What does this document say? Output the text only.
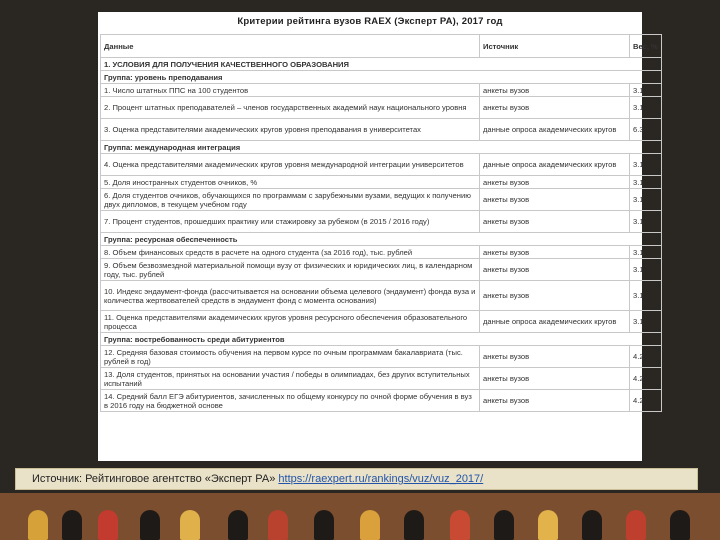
Критерии рейтинга вузов RAEX (Эксперт РА), 2017 год
Данные	Источник	Вес, %
1. УСЛОВИЯ ДЛЯ ПОЛУЧЕНИЯ КАЧЕСТВЕННОГО ОБРАЗОВАНИЯ		
Группа: уровень преподавания		
1. Число штатных ППС на 100 студентов	анкеты вузов	3.1
2. Процент штатных преподавателей – членов государственных академий наук национального уровня	анкеты вузов	3.1
3. Оценка представителями академических кругов уровня преподавания в университетах	данные опроса академических кругов	6.3
Группа: международная интеграция		
4. Оценка представителями академических кругов уровня международной интеграции университетов	данные опроса академических кругов	3.1
5. Доля иностранных студентов очников, %	анкеты вузов	3.1
6. Доля студентов очников, обучающихся по программам с зарубежными вузами, ведущих к получению двух дипломов, в текущем учебном году	анкеты вузов	3.1
7. Процент студентов, прошедших практику или стажировку за рубежом (в 2015 / 2016 году)	анкеты вузов	3.1
Группа: ресурсная обеспеченность		
8. Объем финансовых средств в расчете на одного студента (за 2016 год), тыс. рублей	анкеты вузов	3.1
9. Объем безвозмездной материальной помощи вузу от физических и юридических лиц, в календарном году, тыс. рублей	анкеты вузов	3.1
10. Индекс эндаумент-фонда (рассчитывается на основании объема целевого (эндаумент) фонда вуза и количества жертвователей средств в эндаумент фонд с момента основания)	анкеты вузов	3.1
11. Оценка представителями академических кругов уровня ресурсного обеспечения образовательного процесса	данные опроса академических кругов	3.1
Группа: востребованность среди абитуриентов		
12. Средняя базовая стоимость обучения на первом курсе по очным программам бакалавриата (тыс. рублей в год)	анкеты вузов	4.2
13. Доля студентов, принятых на основании участия / победы в олимпиадах, без других вступительных испытаний	анкеты вузов	4.2
14. Средний балл ЕГЭ абитуриентов, зачисленных по общему конкурсу по очной форме обучения в вуз в 2016 году на бюджетной основе	анкеты вузов	4.2
Источник: Рейтинговое агентство «Эксперт РА» https://raexpert.ru/rankings/vuz/vuz_2017/
